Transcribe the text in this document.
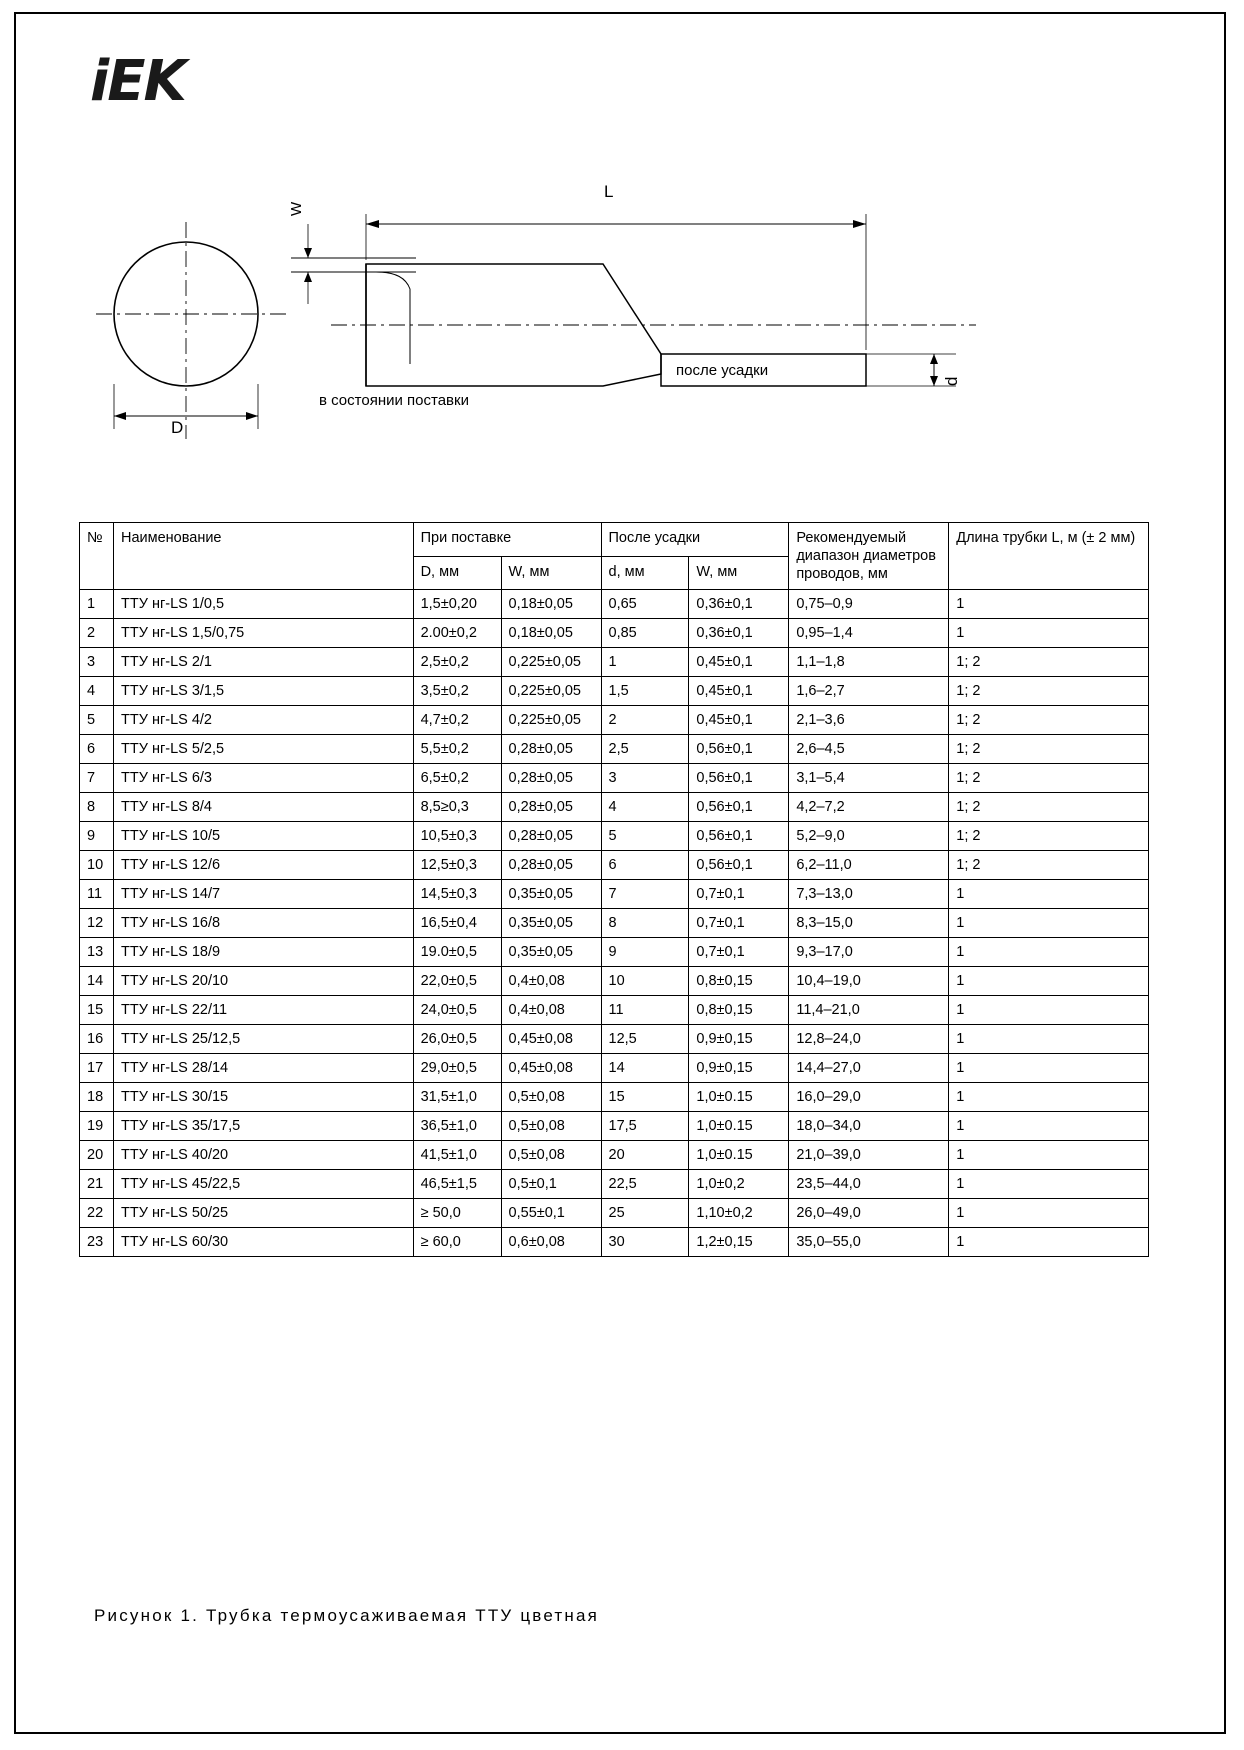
iEK
L
W
D
d
в состоянии поставки
после усадки
№	Наименование	При поставке		После усадки		Рекомендуемый диапазон диаметров проводов, мм	Длина трубки L, м (± 2 мм)
		D, мм	W, мм	d, мм	W, мм		
1	ТТУ нг-LS 1/0,5	1,5±0,20	0,18±0,05	0,65	0,36±0,1	0,75–0,9	1
2	ТТУ нг-LS 1,5/0,75	2.00±0,2	0,18±0,05	0,85	0,36±0,1	0,95–1,4	1
3	ТТУ нг-LS 2/1	2,5±0,2	0,225±0,05	1	0,45±0,1	1,1–1,8	1; 2
4	ТТУ нг-LS 3/1,5	3,5±0,2	0,225±0,05	1,5	0,45±0,1	1,6–2,7	1; 2
5	ТТУ нг-LS 4/2	4,7±0,2	0,225±0,05	2	0,45±0,1	2,1–3,6	1; 2
6	ТТУ нг-LS 5/2,5	5,5±0,2	0,28±0,05	2,5	0,56±0,1	2,6–4,5	1; 2
7	ТТУ нг-LS 6/3	6,5±0,2	0,28±0,05	3	0,56±0,1	3,1–5,4	1; 2
8	ТТУ нг-LS 8/4	8,5≥0,3	0,28±0,05	4	0,56±0,1	4,2–7,2	1; 2
9	ТТУ нг-LS 10/5	10,5±0,3	0,28±0,05	5	0,56±0,1	5,2–9,0	1; 2
10	ТТУ нг-LS 12/6	12,5±0,3	0,28±0,05	6	0,56±0,1	6,2–11,0	1; 2
11	ТТУ нг-LS 14/7	14,5±0,3	0,35±0,05	7	0,7±0,1	7,3–13,0	1
12	ТТУ нг-LS 16/8	16,5±0,4	0,35±0,05	8	0,7±0,1	8,3–15,0	1
13	ТТУ нг-LS 18/9	19.0±0,5	0,35±0,05	9	0,7±0,1	9,3–17,0	1
14	ТТУ нг-LS 20/10	22,0±0,5	0,4±0,08	10	0,8±0,15	10,4–19,0	1
15	ТТУ нг-LS 22/11	24,0±0,5	0,4±0,08	11	0,8±0,15	11,4–21,0	1
16	ТТУ нг-LS 25/12,5	26,0±0,5	0,45±0,08	12,5	0,9±0,15	12,8–24,0	1
17	ТТУ нг-LS 28/14	29,0±0,5	0,45±0,08	14	0,9±0,15	14,4–27,0	1
18	ТТУ нг-LS 30/15	31,5±1,0	0,5±0,08	15	1,0±0.15	16,0–29,0	1
19	ТТУ нг-LS 35/17,5	36,5±1,0	0,5±0,08	17,5	1,0±0.15	18,0–34,0	1
20	ТТУ нг-LS 40/20	41,5±1,0	0,5±0,08	20	1,0±0.15	21,0–39,0	1
21	ТТУ нг-LS 45/22,5	46,5±1,5	0,5±0,1	22,5	1,0±0,2	23,5–44,0	1
22	ТТУ нг-LS 50/25	≥ 50,0	0,55±0,1	25	1,10±0,2	26,0–49,0	1
23	ТТУ нг-LS 60/30	≥ 60,0	0,6±0,08	30	1,2±0,15	35,0–55,0	1
Рисунок 1. Трубка термоусаживаемая ТТУ цветная
